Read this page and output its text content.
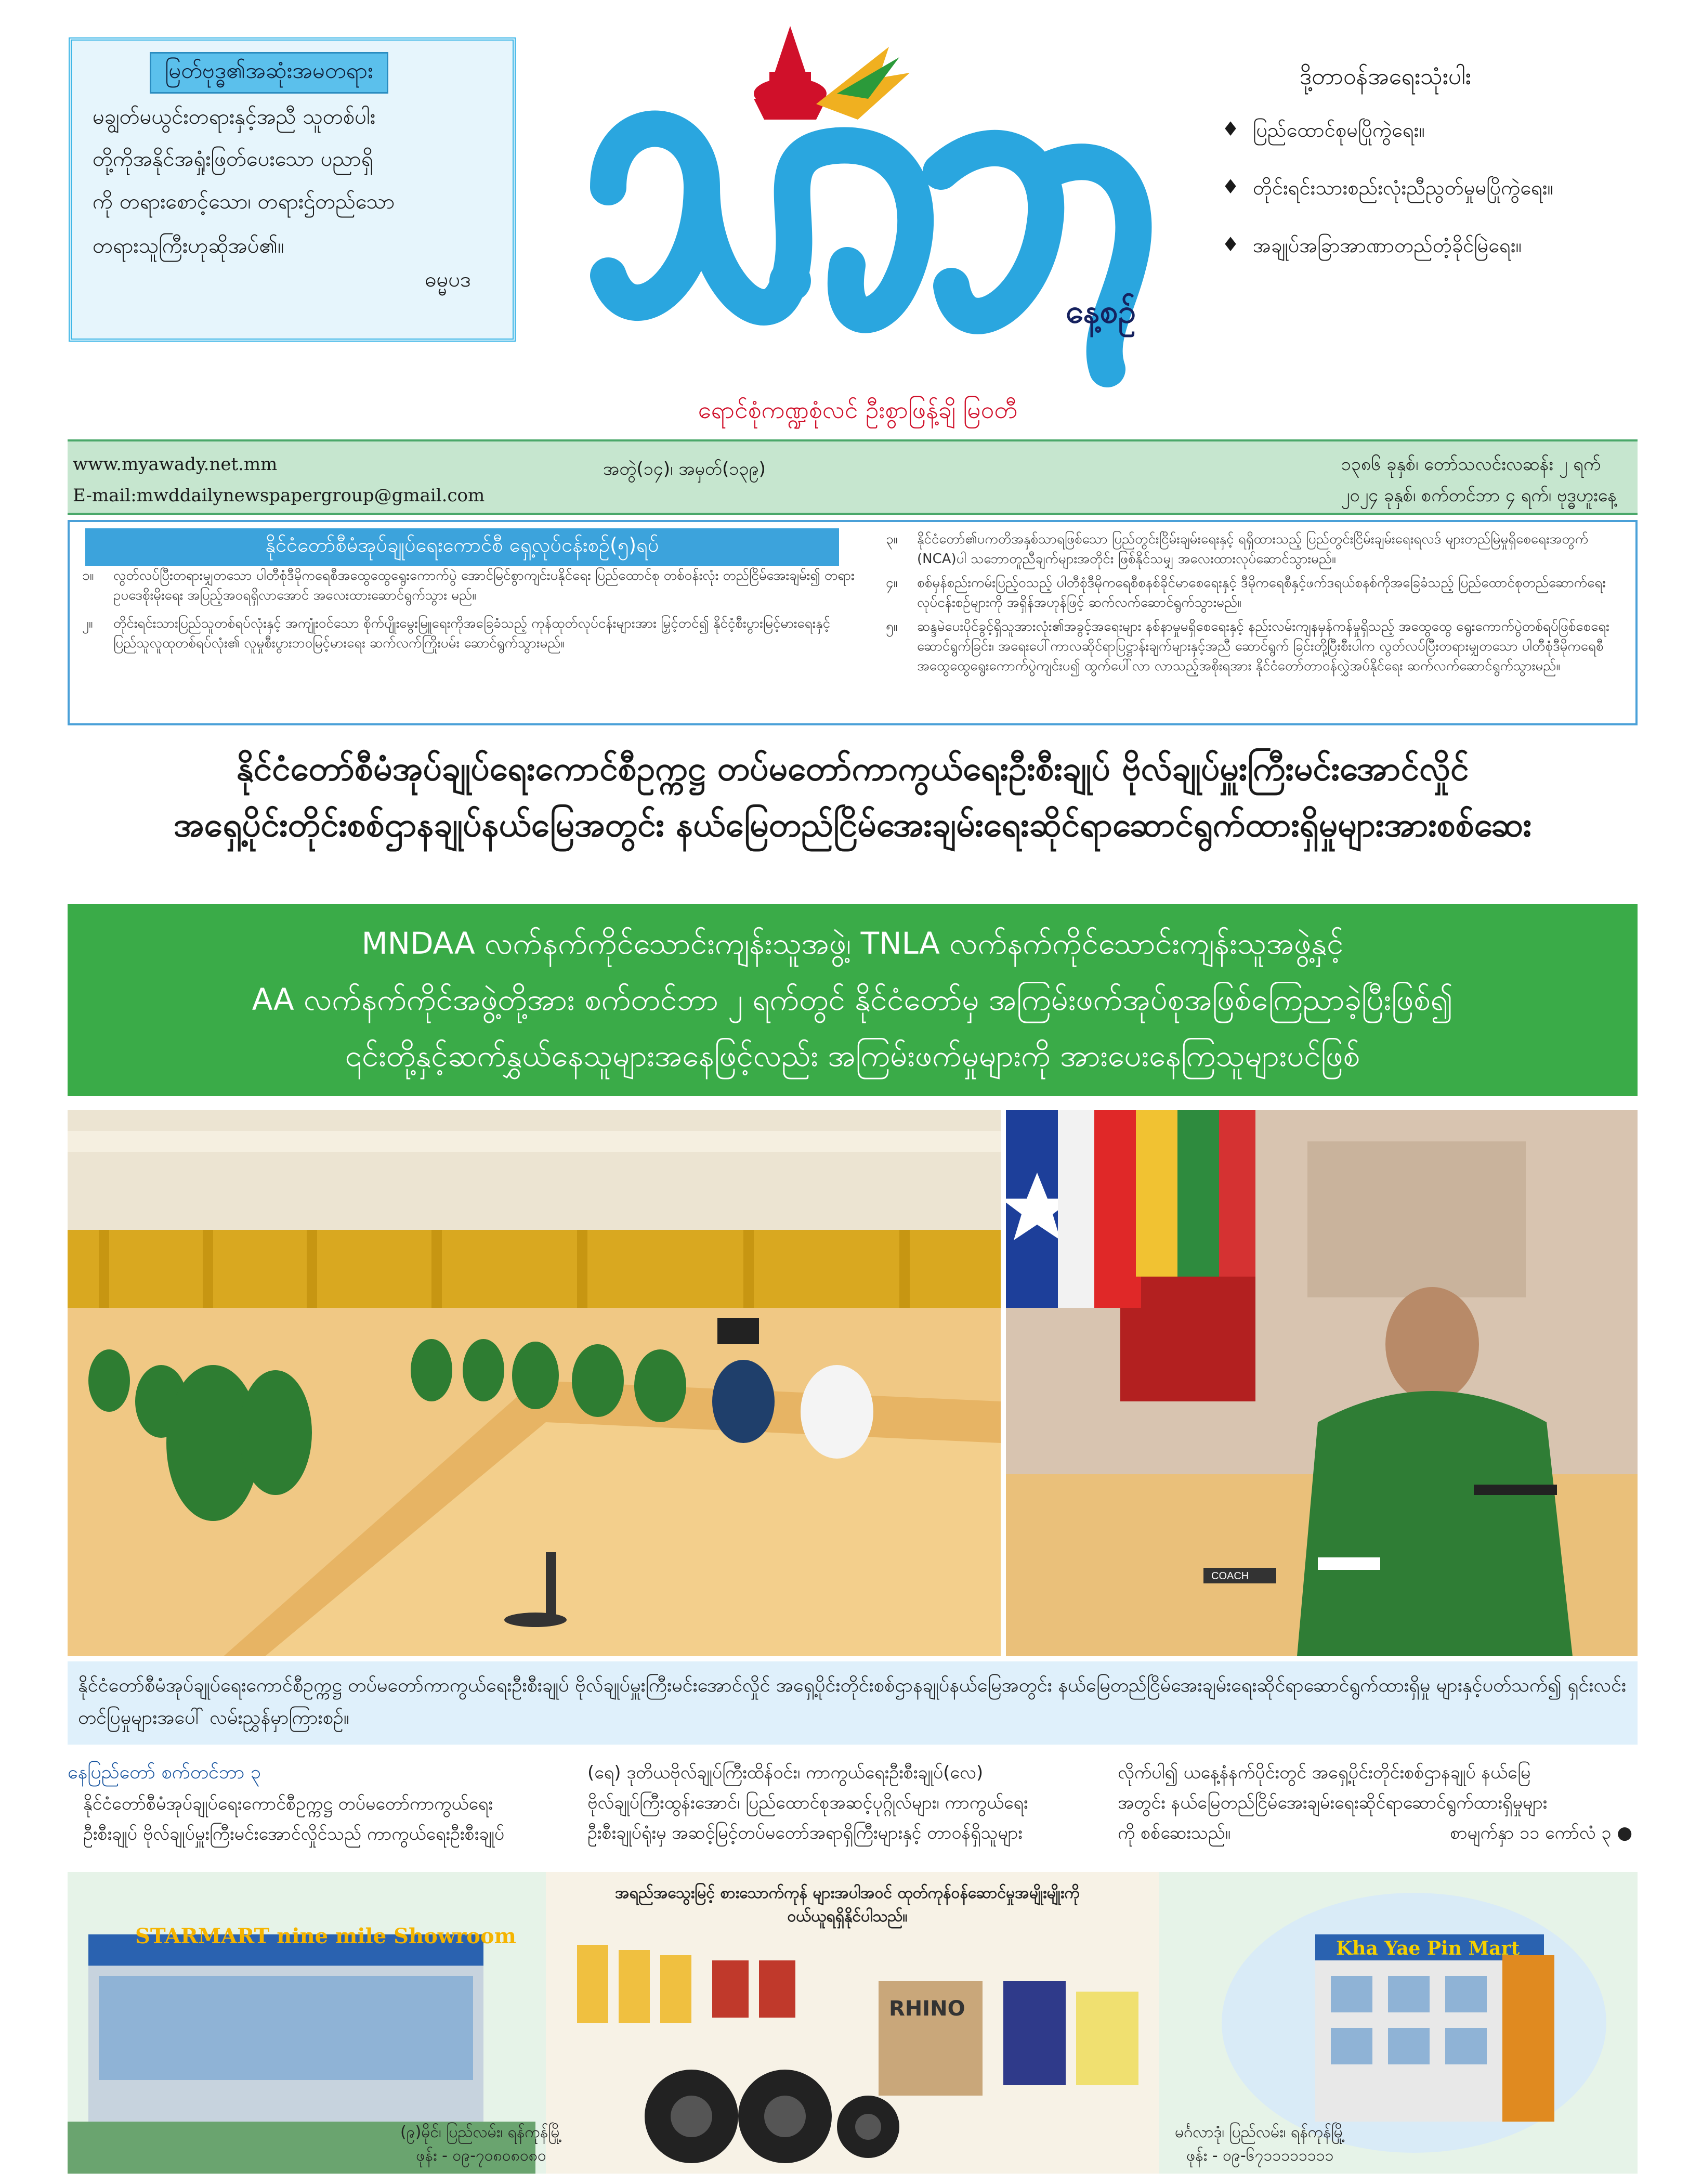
မြတ်ဗုဒ္ဓ၏အဆုံးအမတရား
မချွတ်မယွင်းတရားနှင့်အညီ သူတစ်ပါး
တို့ကိုအနိုင်အရှုံးဖြတ်ပေးသော ပညာရှိ
ကို တရားစောင့်သော၊ တရားဌ်တည်သော
တရားသူကြီးဟုဆိုအပ်၏။
ဓမ္မပဒ
နေ့စဉ်
ရောင်စုံကဏ္ဍစုံလင် ဦးစွာဖြန့်ချိ မြဝတီ
ဒို့တာဝန်အရေးသုံးပါး
♦ ပြည်ထောင်စုမပြိုကွဲရေး။
♦ တိုင်းရင်းသားစည်းလုံးညီညွတ်မှုမပြိုကွဲရေး။
♦ အချုပ်အခြာအာဏာတည်တံ့ခိုင်မြဲရေး။
www.myawady.net.mm
E-mail:mwddailynewspapergroup@gmail.com
အတွဲ(၁၄)၊ အမှတ်(၁၃၉)	၁၃၈၆ ခုနှစ်၊ တော်သလင်းလဆန်း ၂ ရက်
၂၀၂၄ ခုနှစ်၊ စက်တင်ဘာ ၄ ရက်၊ ဗုဒ္ဓဟူးနေ့
နိုင်ငံတော်စီမံအုပ်ချုပ်ရေးကောင်စီ ရှေ့လုပ်ငန်းစဉ်(၅)ရပ်
၁။	လွတ်လပ်ပြီးတရားမျှတသော ပါတီစုံဒီမိုကရေစီအထွေထွေရွေးကောက်ပွဲ အောင်မြင်စွာကျင်းပနိုင်ရေး ပြည်ထောင်စု တစ်ဝန်းလုံး တည်ငြိမ်အေးချမ်း၍ တရားဥပဒေစိုးမိုးရေး အပြည့်အဝရရှိလာအောင် အလေးထားဆောင်ရွက်သွား မည်။
၂။	တိုင်းရင်းသားပြည်သူတစ်ရပ်လုံးနှင့် အကျုံးဝင်သော စိုက်ပျိုးမွေးမြူရေးကိုအခြေခံသည့် ကုန်ထုတ်လုပ်ငန်းများအား မြှင့်တင်၍ နိုင်ငံ့စီးပွားမြင့်မားရေးနှင့် ပြည်သူလူထုတစ်ရပ်လုံး၏ လူမှုစီးပွားဘဝမြင့်မားရေး ဆက်လက်ကြိုးပမ်း ဆောင်ရွက်သွားမည်။
၃။	နိုင်ငံတော်၏ပကတိအနှစ်သာရဖြစ်သော ပြည်တွင်းငြိမ်းချမ်းရေးနှင့် ရရှိထားသည့် ပြည်တွင်းငြိမ်းချမ်းရေးရလဒ် များတည်မြဲမှုရှိစေရေးအတွက် (NCA)ပါ သဘောတူညီချက်များအတိုင်း ဖြစ်နိုင်သမျှ အလေးထားလုပ်ဆောင်သွားမည်။
၄။	စစ်မှန်စည်းကမ်းပြည့်ဝသည့် ပါတီစုံဒီမိုကရေစီစနစ်ခိုင်မာစေရေးနှင့် ဒီမိုကရေစီနှင့်ဖက်ဒရယ်စနစ်ကိုအခြေခံသည့် ပြည်ထောင်စုတည်ဆောက်ရေးလုပ်ငန်းစဉ်များကို အရှိန်အဟုန်ဖြင့် ဆက်လက်ဆောင်ရွက်သွားမည်။
၅။	ဆန္ဒမဲပေးပိုင်ခွင့်ရှိသူအားလုံး၏အခွင့်အရေးများ နစ်နာမှုမရှိစေရေးနှင့် နည်းလမ်းကျနမှန်ကန်မှုရှိသည့် အထွေထွေ ရွေးကောက်ပွဲတစ်ရပ်ဖြစ်စေရေးဆောင်ရွက်ခြင်း၊ အရေးပေါ်ကာလဆိုင်ရာပြဋ္ဌာန်းချက်များနှင့်အညီ ဆောင်ရွက် ခြင်းတို့ပြီးစီးပါက လွတ်လပ်ပြီးတရားမျှတသော ပါတီစုံဒီမိုကရေစီအထွေထွေရွေးကောက်ပွဲကျင်းပ၍ ထွက်ပေါ်လာ လာသည့်အစိုးရအား နိုင်ငံတော်တာဝန်လွှဲအပ်နိုင်ရေး ဆက်လက်ဆောင်ရွက်သွားမည်။
နိုင်ငံတော်စီမံအုပ်ချုပ်ရေးကောင်စီဥက္ကဋ္ဌ တပ်မတော်ကာကွယ်ရေးဦးစီးချုပ် ဗိုလ်ချုပ်မှူးကြီးမင်းအောင်လှိုင်
အရှေ့ပိုင်းတိုင်းစစ်ဌာနချုပ်နယ်မြေအတွင်း နယ်မြေတည်ငြိမ်အေးချမ်းရေးဆိုင်ရာဆောင်ရွက်ထားရှိမှုများအားစစ်ဆေး
MNDAA လက်နက်ကိုင်သောင်းကျန်းသူအဖွဲ့၊ TNLA လက်နက်ကိုင်သောင်းကျန်းသူအဖွဲ့နှင့်
AA လက်နက်ကိုင်အဖွဲ့တို့အား စက်တင်ဘာ ၂ ရက်တွင် နိုင်ငံတော်မှ အကြမ်းဖက်အုပ်စုအဖြစ်ကြေညာခဲ့ပြီးဖြစ်၍
၎င်းတို့နှင့်ဆက်နွှယ်နေသူများအနေဖြင့်လည်း အကြမ်းဖက်မှုများကို အားပေးနေကြသူများပင်ဖြစ်
COACH
နိုင်ငံတော်စီမံအုပ်ချုပ်ရေးကောင်စီဥက္ကဋ္ဌ တပ်မတော်ကာကွယ်ရေးဦးစီးချုပ် ဗိုလ်ချုပ်မှူးကြီးမင်းအောင်လှိုင် အရှေ့ပိုင်းတိုင်းစစ်ဌာနချုပ်နယ်မြေအတွင်း နယ်မြေတည်ငြိမ်အေးချမ်းရေးဆိုင်ရာဆောင်ရွက်ထားရှိမှု များနှင့်ပတ်သက်၍ ရှင်းလင်းတင်ပြမှုများအပေါ် လမ်းညွှန်မှာကြားစဉ်။
နေပြည်တော် စက်တင်ဘာ ၃
နိုင်ငံတော်စီမံအုပ်ချုပ်ရေးကောင်စီဥက္ကဋ္ဌ တပ်မတော်ကာကွယ်ရေး
ဦးစီးချုပ် ဗိုလ်ချုပ်မှူးကြီးမင်းအောင်လှိုင်သည် ကာကွယ်ရေးဦးစီးချုပ်
(ရေ) ဒုတိယဗိုလ်ချုပ်ကြီးထိန်ဝင်း၊ ကာကွယ်ရေးဦးစီးချုပ်(လေ)
ဗိုလ်ချုပ်ကြီးထွန်းအောင်၊ ပြည်ထောင်စုအဆင့်ပုဂ္ဂိုလ်များ၊ ကာကွယ်ရေး
ဦးစီးချုပ်ရုံးမှ အဆင့်မြင့်တပ်မတော်အရာရှိကြီးများနှင့် တာဝန်ရှိသူများ
လိုက်ပါ၍ ယနေ့နံနက်ပိုင်းတွင် အရှေ့ပိုင်းတိုင်းစစ်ဌာနချုပ် နယ်မြေ
အတွင်း နယ်မြေတည်ငြိမ်အေးချမ်းရေးဆိုင်ရာဆောင်ရွက်ထားရှိမှုများ
ကို စစ်ဆေးသည်။	စာမျက်နှာ ၁၁ ကော်လံ ၃ ●
STARMART nine mile Showroom
အရည်အသွေးမြင့် စားသောက်ကုန် များအပါအဝင် ထုတ်ကုန်ဝန်ဆောင်မှုအမျိုးမျိုးကို
ဝယ်ယူရရှိနိုင်ပါသည်။
RHINO
Kha Yae Pin Mart
(၉)မိုင်၊ ပြည်လမ်း၊ ရန်ကုန်မြို့
ဖုန်း - ၀၉-၇၀၈၀၈၀၈၀
မင်္ဂလာဒုံ၊ ပြည်လမ်း၊ ရန်ကုန်မြို့
ဖုန်း - ၀၉-၆၇၁၁၁၁၁၁၁၁
